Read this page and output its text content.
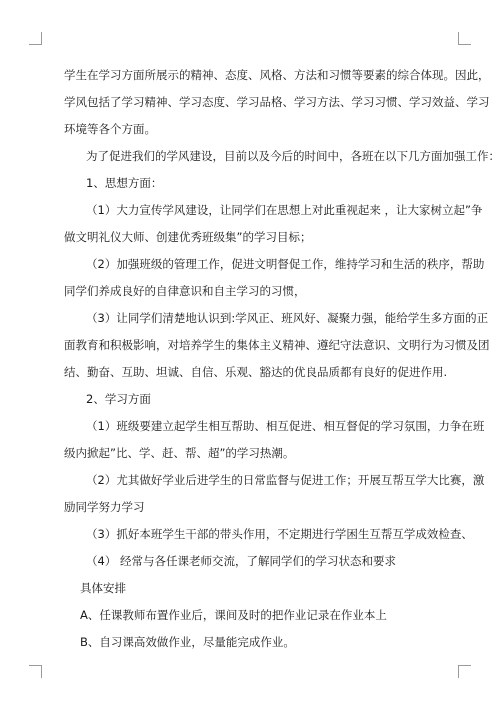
学生在学习方面所展示的精神、态度、风格、方法和习惯等要素的综合体现。因此，
学风包括了学习精神、学习态度、学习品格、学习方法、学习习惯、学习效益、学习
环境等各个方面。
为了促进我们的学风建设，目前以及今后的时间中，各班在以下几方面加强工作：
1、思想方面：
（1）大力宣传学风建设，让同学们在思想上对此重视起来 ，让大家树立起”争
做文明礼仪大师、创建优秀班级集”的学习目标；
（2）加强班级的管理工作，促进文明督促工作，维持学习和生活的秩序，帮助
同学们养成良好的自律意识和自主学习的习惯，
（3）让同学们清楚地认识到:学风正、班风好、凝聚力强，能给学生多方面的正
面教育和积极影响，对培养学生的集体主义精神、遵纪守法意识、文明行为习惯及团
结、勤奋、互助、坦诚、自信、乐观、豁达的优良品质都有良好的促进作用.
2、学习方面
（1）班级要建立起学生相互帮助、相互促进、相互督促的学习氛围，力争在班
级内掀起”比、学、赶、帮、超”的学习热潮。
（2）尤其做好学业后进学生的日常监督与促进工作；开展互帮互学大比赛，激
励同学努力学习
（3）抓好本班学生干部的带头作用，不定期进行学困生互帮互学成效检查、
（4） 经常与各任课老师交流，了解同学们的学习状态和要求
具体安排
A、任课教师布置作业后，课间及时的把作业记录在作业本上
B、自习课高效做作业，尽量能完成作业。
